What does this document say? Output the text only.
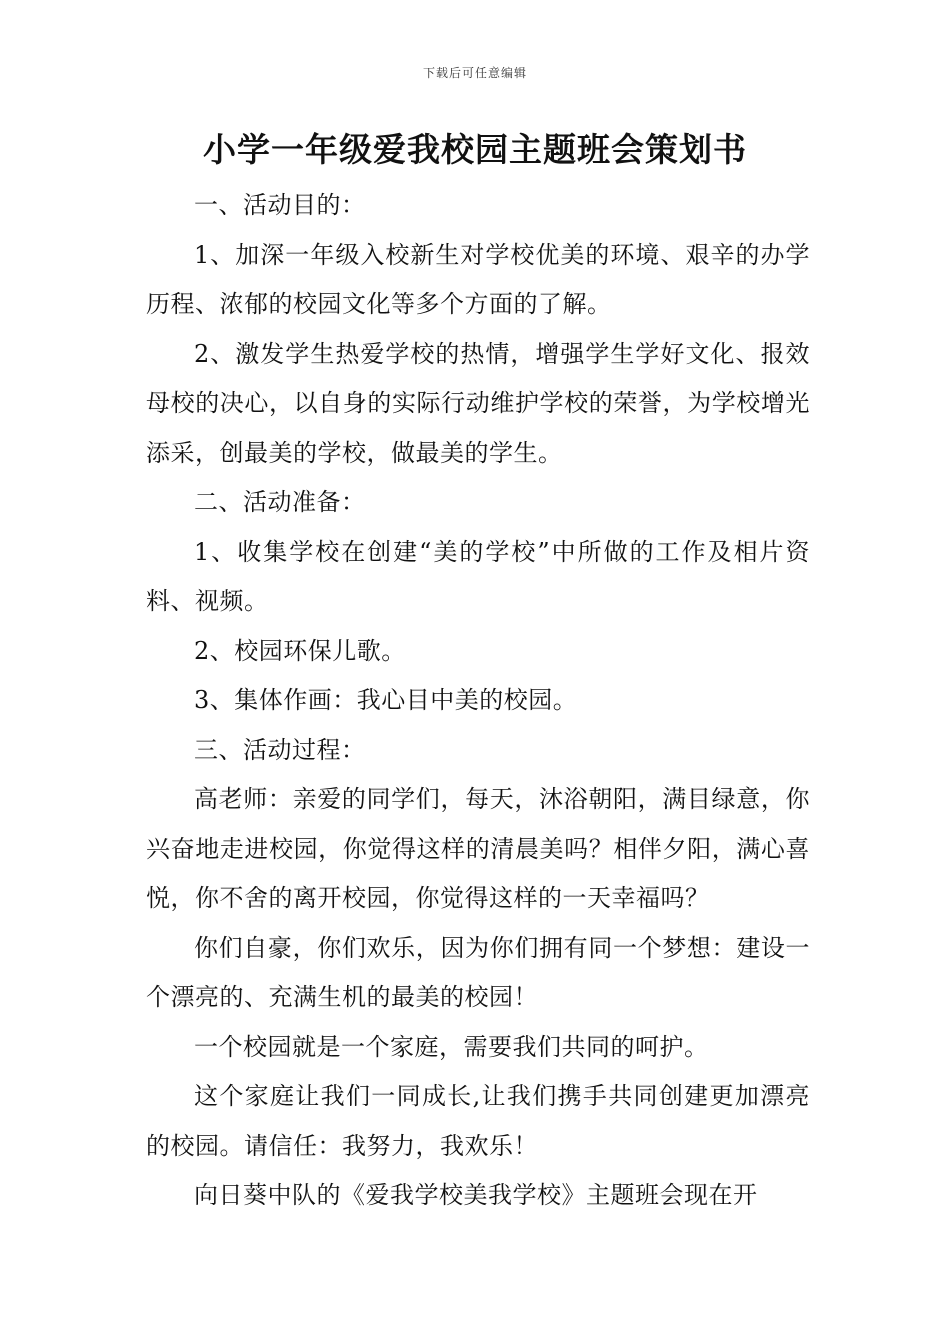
下载后可任意编辑
小学一年级爱我校园主题班会策划书

一、活动目的：

1、加深一年级入校新生对学校优美的环境、艰辛的办学历程、浓郁的校园文化等多个方面的了解。

2、激发学生热爱学校的热情，增强学生学好文化、报效母校的决心，以自身的实际行动维护学校的荣誉，为学校增光添采，创最美的学校，做最美的学生。

二、活动准备：

1、收集学校在创建“美的学校”中所做的工作及相片资料、视频。

2、校园环保儿歌。

3、集体作画：我心目中美的校园。

三、活动过程：

高老师：亲爱的同学们，每天，沐浴朝阳，满目绿意，你兴奋地走进校园，你觉得这样的清晨美吗？相伴夕阳，满心喜悦，你不舍的离开校园，你觉得这样的一天幸福吗？

你们自豪，你们欢乐，因为你们拥有同一个梦想：建设一个漂亮的、充满生机的最美的校园！

一个校园就是一个家庭，需要我们共同的呵护。

这个家庭让我们一同成长,让我们携手共同创建更加漂亮的校园。请信任：我努力，我欢乐！

向日葵中队的《爱我学校美我学校》主题班会现在开
